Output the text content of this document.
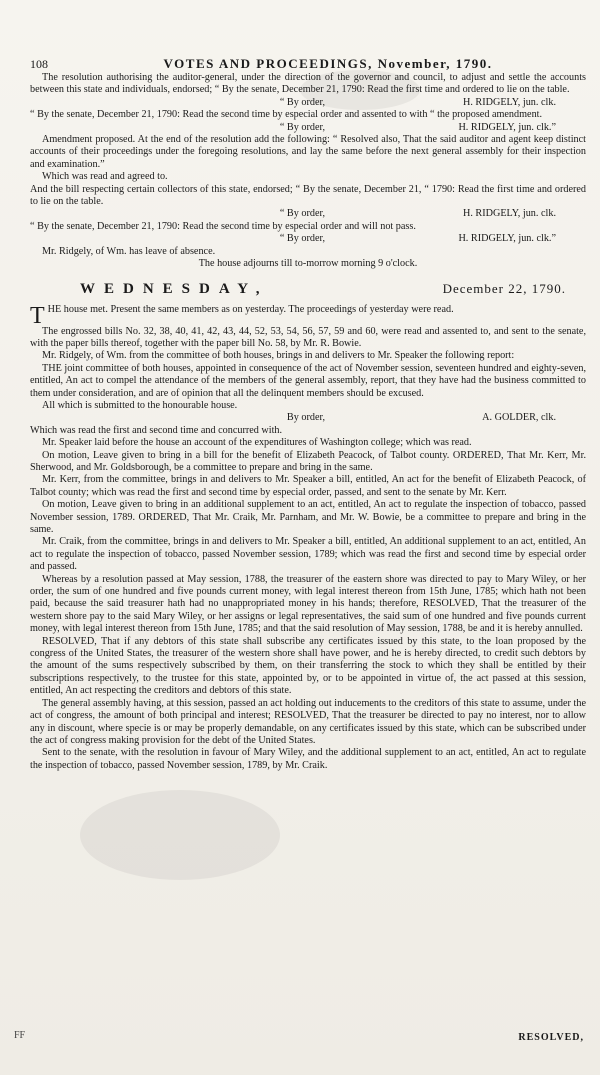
108	VOTES AND PROCEEDINGS, November, 1790.

The resolution authorising the auditor-general, under the direction of the governor and council, to adjust and settle the accounts between this state and individuals, endorsed; “ By the senate, December 21, 1790: Read the first time and ordered to lie on the table.

“ By order,	H. RIDGELY, jun. clk.

“ By the senate, December 21, 1790: Read the second time by especial order and assented to with “ the proposed amendment.

“ By order,	H. RIDGELY, jun. clk.”

Amendment proposed. At the end of the resolution add the following: “ Resolved also, That the said auditor and agent keep distinct accounts of their proceedings under the foregoing resolutions, and lay the same before the next general assembly for their inspection and examination.”

Which was read and agreed to.

And the bill respecting certain collectors of this state, endorsed; “ By the senate, December 21, “ 1790: Read the first time and ordered to lie on the table.

“ By order,	H. RIDGELY, jun. clk.

“ By the senate, December 21, 1790: Read the second time by especial order and will not pass.

“ By order,	H. RIDGELY, jun. clk.”

Mr. Ridgely, of Wm. has leave of absence.

The house adjourns till to-morrow morning 9 o'clock.
WEDNESDAY,	December 22, 1790.

THE house met. Present the same members as on yesterday. The proceedings of yesterday were read.

The engrossed bills No. 32, 38, 40, 41, 42, 43, 44, 52, 53, 54, 56, 57, 59 and 60, were read and assented to, and sent to the senate, with the paper bills thereof, together with the paper bill No. 58, by Mr. R. Bowie.

Mr. Ridgely, of Wm. from the committee of both houses, brings in and delivers to Mr. Speaker the following report:

THE joint committee of both houses, appointed in consequence of the act of November session, seventeen hundred and eighty-seven, entitled, An act to compel the attendance of the members of the general assembly, report, that they have had the business committed to them under consideration, and are of opinion that all the delinquent members should be excused.

All which is submitted to the honourable house.

By order,	A. GOLDER, clk.

Which was read the first and second time and concurred with.

Mr. Speaker laid before the house an account of the expenditures of Washington college; which was read.

On motion, Leave given to bring in a bill for the benefit of Elizabeth Peacock, of Talbot county. ORDERED, That Mr. Kerr, Mr. Sherwood, and Mr. Goldsborough, be a committee to prepare and bring in the same.

Mr. Kerr, from the committee, brings in and delivers to Mr. Speaker a bill, entitled, An act for the benefit of Elizabeth Peacock, of Talbot county; which was read the first and second time by especial order, passed, and sent to the senate by Mr. Kerr.

On motion, Leave given to bring in an additional supplement to an act, entitled, An act to regulate the inspection of tobacco, passed November session, 1789. ORDERED, That Mr. Craik, Mr. Parnham, and Mr. W. Bowie, be a committee to prepare and bring in the same.

Mr. Craik, from the committee, brings in and delivers to Mr. Speaker a bill, entitled, An additional supplement to an act, entitled, An act to regulate the inspection of tobacco, passed November session, 1789; which was read the first and second time by especial order and passed.

Whereas by a resolution passed at May session, 1788, the treasurer of the eastern shore was directed to pay to Mary Wiley, or her order, the sum of one hundred and five pounds current money, with legal interest thereon from 15th June, 1785; which hath not been paid, because the said treasurer hath had no unappropriated money in his hands; therefore, RESOLVED, That the treasurer of the western shore pay to the said Mary Wiley, or her assigns or legal representatives, the said sum of one hundred and five pounds current money, with legal interest thereon from 15th June, 1785; and that the said resolution of May session, 1788, be and it is hereby annulled.

RESOLVED, That if any debtors of this state shall subscribe any certificates issued by this state, to the loan proposed by the congress of the United States, the treasurer of the western shore shall have power, and he is hereby directed, to credit such debtors by the amount of the sums respectively subscribed by them, on their transferring the stock to which they shall be entitled by their subscriptions respectively, to the trustee for this state, appointed by, or to be appointed in virtue of, the act passed at this session, entitled, An act respecting the creditors and debtors of this state.

The general assembly having, at this session, passed an act holding out inducements to the creditors of this state to assume, under the act of congress, the amount of both principal and interest; RESOLVED, That the treasurer be directed to pay no interest, nor to allow any in discount, where specie is or may be properly demandable, on any certificates issued by this state, which can be subscribed under the act of congress making provision for the debt of the United States.

Sent to the senate, with the resolution in favour of Mary Wiley, and the additional supplement to an act, entitled, An act to regulate the inspection of tobacco, passed November session, 1789, by Mr. Craik.

FF	RESOLVED,
